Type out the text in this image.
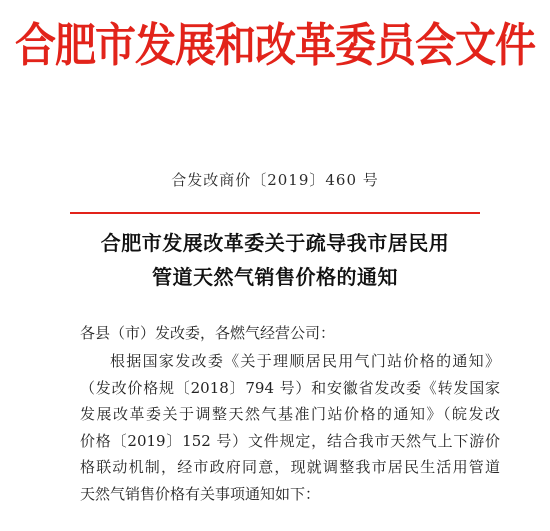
合肥市发展和改革委员会文件
合发改商价〔2019〕460 号
合肥市发展改革委关于疏导我市居民用
管道天然气销售价格的通知
各县（市）发改委，各燃气经营公司：
根据国家发改委《关于理顺居民用气门站价格的通知》
（发改价格规〔2018〕794 号）和安徽省发改委《转发国家
发展改革委关于调整天然气基准门站价格的通知》（皖发改
价格〔2019〕152 号）文件规定，结合我市天然气上下游价
格联动机制，经市政府同意，现就调整我市居民生活用管道
天然气销售价格有关事项通知如下：
